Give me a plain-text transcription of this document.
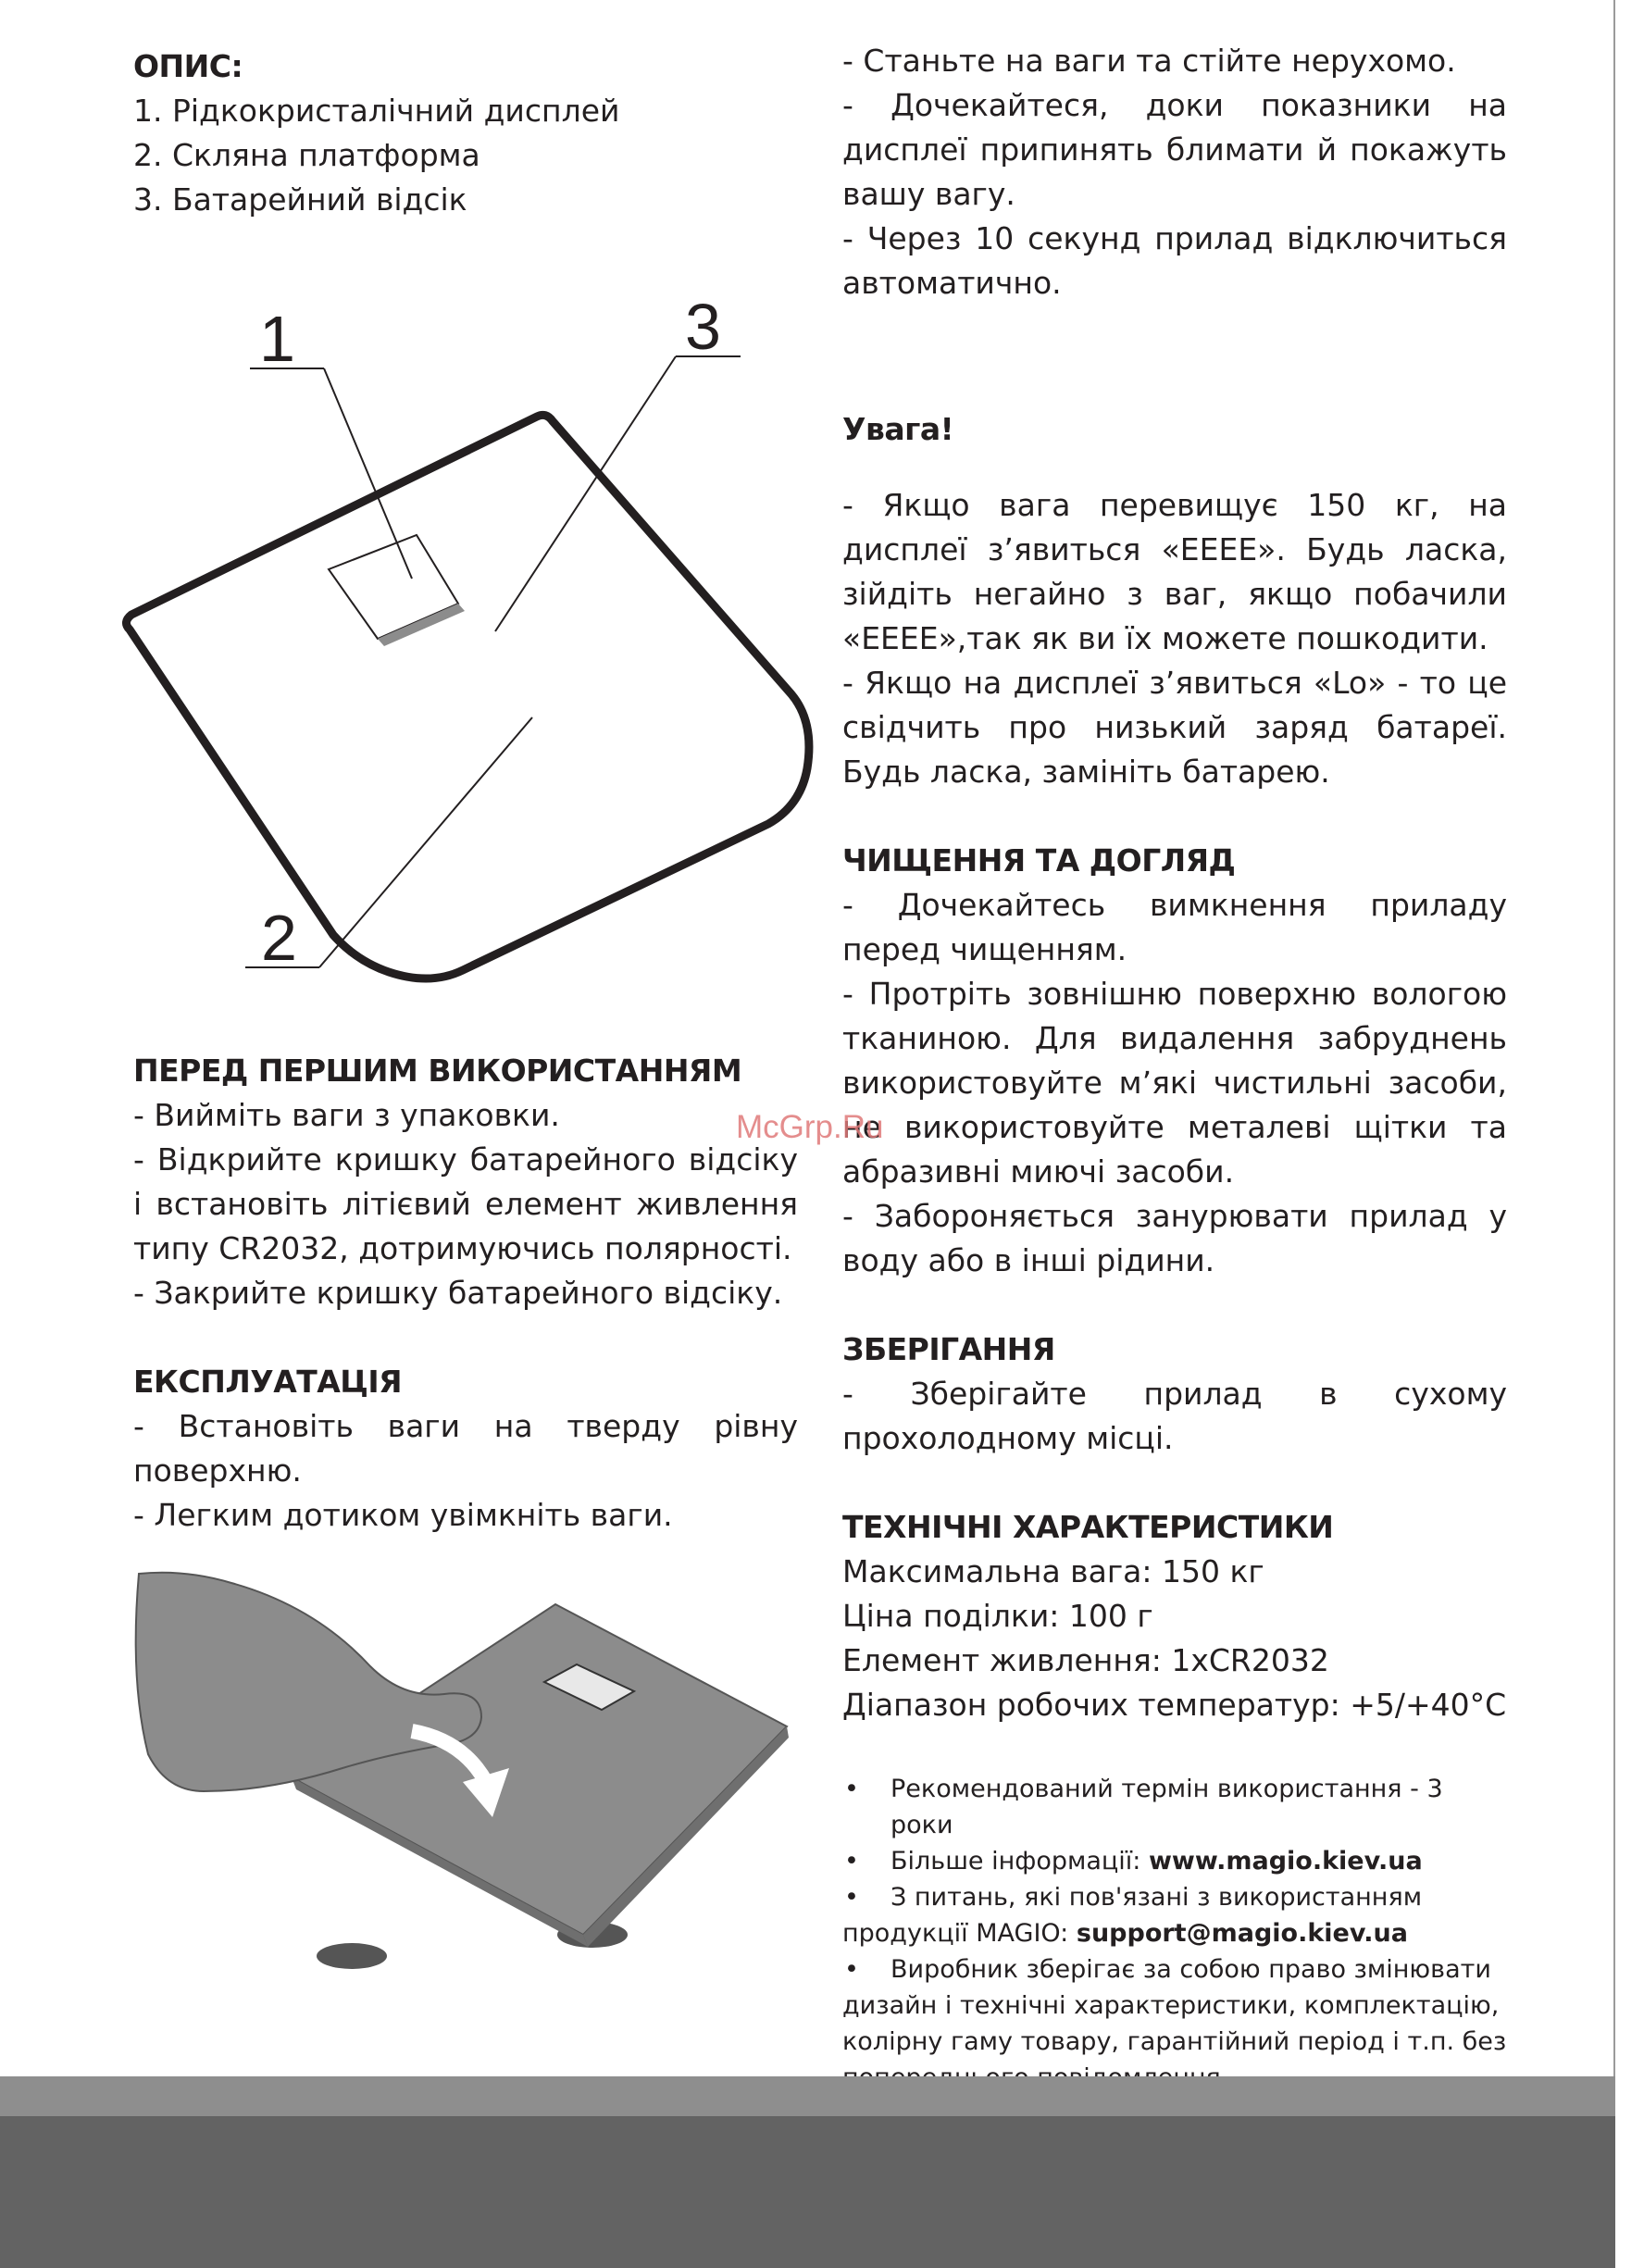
ОПИС:

1. Рідкокристалічний дисплей

2. Скляна платформа

3. Батарейний відсік

1	3
2
ПЕРЕД ПЕРШИМ ВИКОРИСТАННЯМ

- Вийміть ваги з упаковки.

- Відкрийте кришку батарейного відсіку і встановіть літієвий елемент живлення типу CR2032, дотримуючись полярності.

- Закрийте кришку батарейного відсіку.

ЕКСПЛУАТАЦІЯ

- Встановіть ваги на тверду рівну поверхню.

- Легким дотиком увімкніть ваги.

- Станьте на ваги та стійте нерухомо.

- Дочекайтеся, доки показники на дисплеї припинять блимати й покажуть вашу вагу.

- Через 10 секунд прилад відключиться автоматично.

Увага!

- Якщо вага перевищує 150 кг, на дисплеї з’явиться «EEEE». Будь ласка, зійдіть негайно з ваг, якщо побачили «EEEE»,так як ви їх можете пошкодити.

- Якщо на дисплеї з’явиться «Lo» - то це свідчить про низький заряд батареї. Будь ласка, замініть батарею.

ЧИЩЕННЯ ТА ДОГЛЯД

- Дочекайтесь вимкнення приладу перед чищенням.

- Протріть зовнішню поверхню вологою тканиною. Для видалення забруднень використовуйте м’які чистильні засоби, не використовуйте металеві щітки та абразивні миючі засоби.

- Забороняється занурювати прилад у воду або в інші рідини.

ЗБЕРІГАННЯ

- Зберігайте прилад в сухому прохолодному місці.

ТЕХНІЧНІ ХАРАКТЕРИСТИКИ

Максимальна вага: 150 кг

Ціна поділки: 100 г

Елемент живлення: 1xCR2032

Діапазон робочих температур: +5/+40°С

• Рекомендований термін використання - 3 роки

• Більше інформації: www.magio.kiev.ua

• З питань, які пов'язані з використанням

продукції MAGIO: support@magio.kiev.ua

• Виробник зберігає за собою право змінювати

дизайн і технічні характеристики, комплектацію, колірну гаму товару, гарантійний період і т.п. без

McGrp.Ru
